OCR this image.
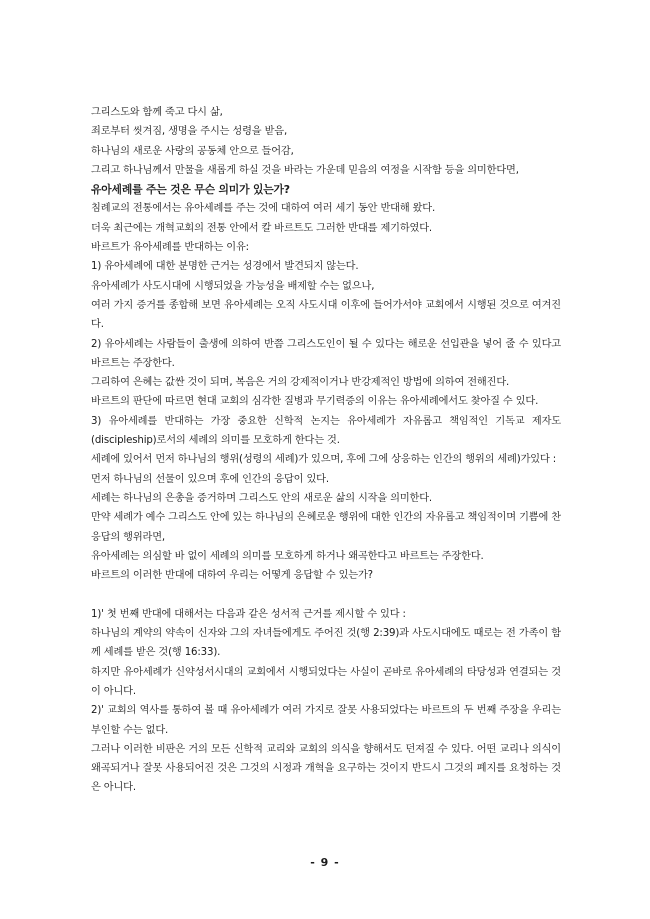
그리스도와 함께 죽고 다시 삶,

죄로부터 씻겨짐, 생명을 주시는 성령을 받음,

하나님의 새로운 사랑의 공동체 안으로 들어감,

그리고 하나님께서 만물을 새롭게 하실 것을 바라는 가운데 믿음의 여정을 시작함 등을 의미한다면,

유아세례를 주는 것은 무슨 의미가 있는가?

침례교의 전통에서는 유아세례를 주는 것에 대하여 여러 세기 동안 반대해 왔다.

더욱 최근에는 개혁교회의 전통 안에서 칼 바르트도 그러한 반대를 제기하였다.

바르트가 유아세례를 반대하는 이유:

1) 유아세례에 대한 분명한 근거는 성경에서 발견되지 않는다.

유아세례가 사도시대에 시행되었을 가능성을 배제할 수는 없으나,

여러 가지 증거를 종합해 보면 유아세례는 오직 사도시대 이후에 들어가서야 교회에서 시행된 것으로 여겨진다.

2) 유아세례는 사람들이 출생에 의하여 반쯤 그리스도인이 될 수 있다는 해로운 선입관을 넣어 줄 수 있다고 바르트는 주장한다.

그리하여 은혜는 값싼 것이 되며, 복음은 거의 강제적이거나 반강제적인 방법에 의하여 전해진다.

바르트의 판단에 따르면 현대 교회의 심각한 질병과 무기력증의 이유는 유아세례에서도 찾아질 수 있다.

3) 유아세례를 반대하는 가장 중요한 신학적 논지는 유아세례가 자유롭고 책임적인 기독교 제자도(discipleship)로서의 세례의 의미를 모호하게 한다는 것.

세례에 있어서 먼저 하나님의 행위(성령의 세례)가 있으며, 후에 그에 상응하는 인간의 행위의 세례)가있다 :

먼저 하나님의 선물이 있으며 후에 인간의 응답이 있다.

세례는 하나님의 은총을 증거하며 그리스도 안의 새로운 삶의 시작을 의미한다.

만약 세례가 예수 그리스도 안에 있는 하나님의 은혜로운 행위에 대한 인간의 자유롭고 책임적이며 기쁨에 찬 응답의 행위라면,

유아세례는 의심할 바 없이 세례의 의미를 모호하게 하거나 왜곡한다고 바르트는 주장한다.

바르트의 이러한 반대에 대하여 우리는 어떻게 응답할 수 있는가?

1)' 첫 번째 반대에 대해서는 다음과 같은 성서적 근거를 제시할 수 있다 :

하나님의 계약의 약속이 신자와 그의 자녀들에게도 주어진 것(행 2:39)과 사도시대에도 때로는 전 가족이 함께 세례를 받은 것(행 16:33).

하지만 유아세례가 신약성서시대의 교회에서 시행되었다는 사실이 곧바로 유아세례의 타당성과 연결되는 것이 아니다.

2)' 교회의 역사를 통하여 볼 때 유아세례가 여러 가지로 잘못 사용되었다는 바르트의 두 번째 주장을 우리는 부인할 수는 없다.

그러나 이러한 비판은 거의 모든 신학적 교리와 교회의 의식을 향해서도 던져질 수 있다. 어떤 교리나 의식이 왜곡되거나 잘못 사용되어진 것은 그것의 시정과 개혁을 요구하는 것이지 반드시 그것의 폐지를 요청하는 것은 아니다.

- 9 -
